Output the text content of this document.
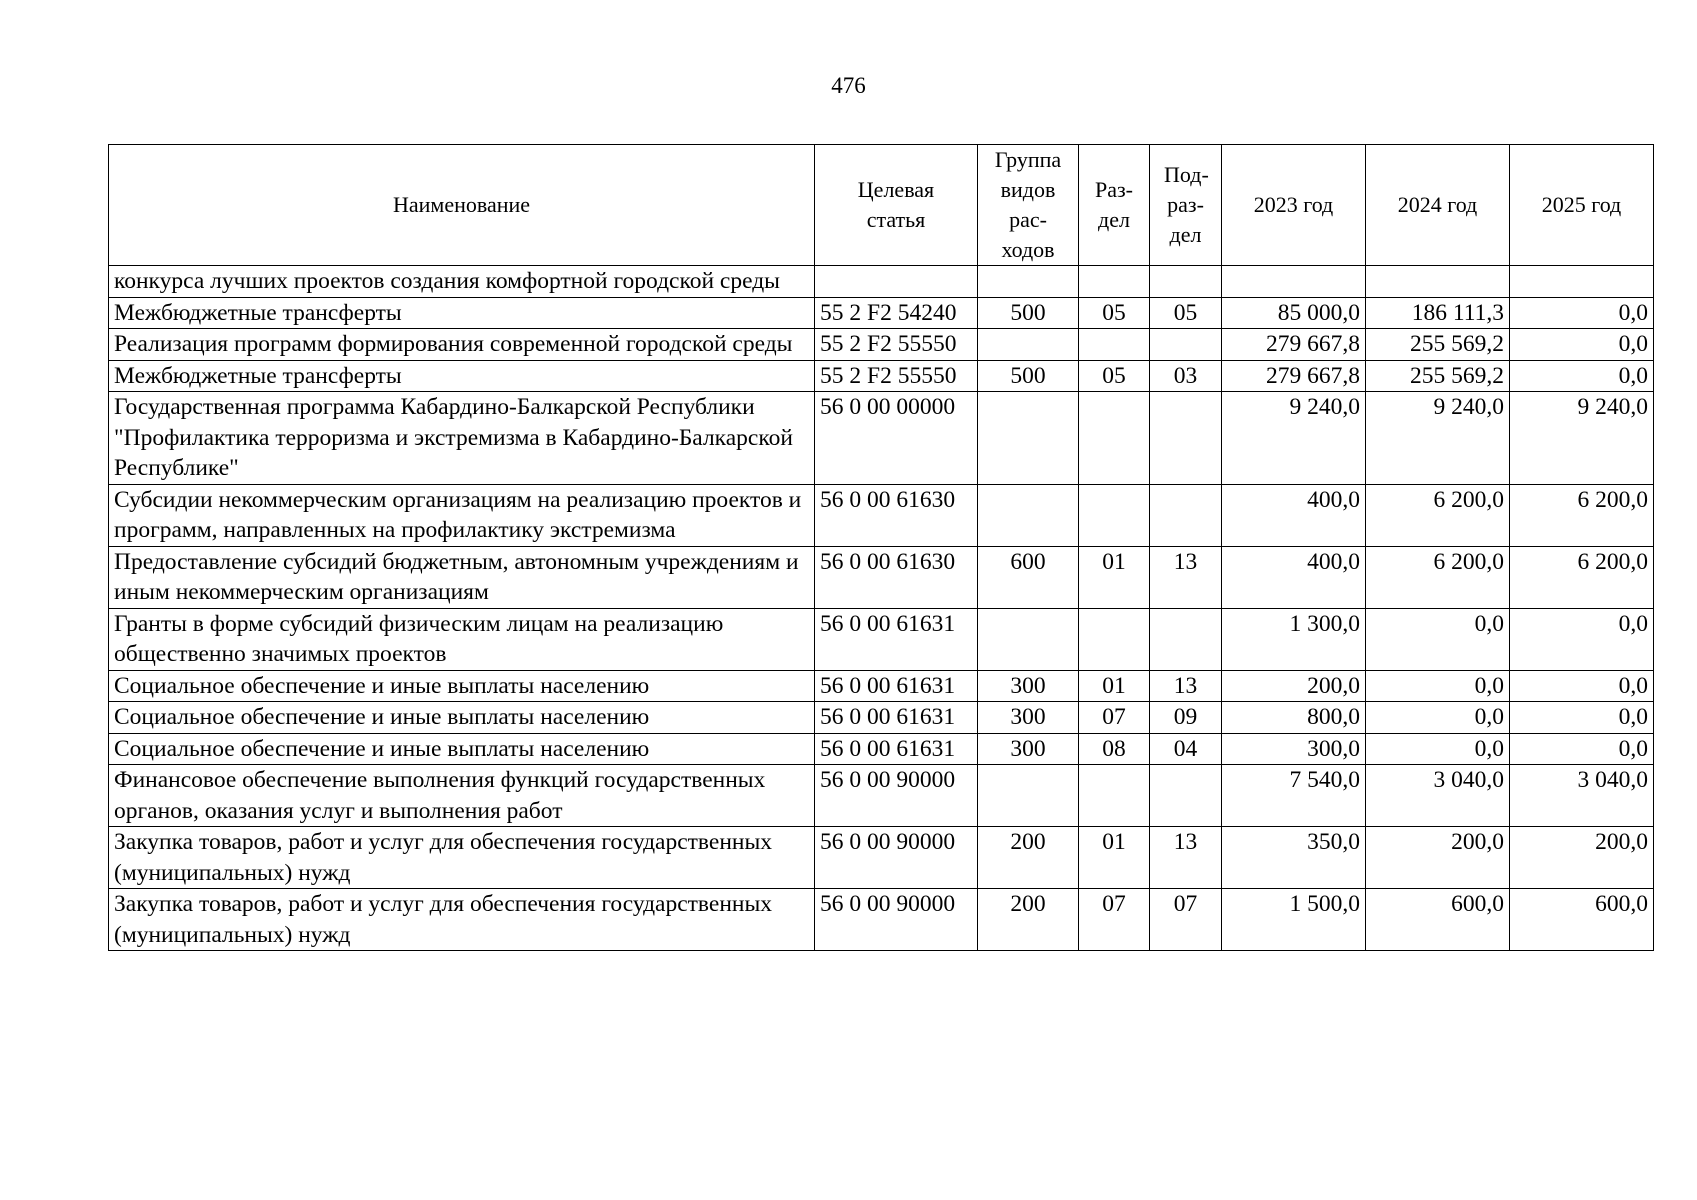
476
Наименование	Целевая статья	Группа видов рас- ходов	Раз- дел	Под- раз- дел	2023 год	2024 год	2025 год
конкурса лучших проектов создания комфортной городской среды							
Межбюджетные трансферты	55 2 F2 54240	500	05	05	85 000,0	186 111,3	0,0
Реализация программ формирования современной городской среды	55 2 F2 55550				279 667,8	255 569,2	0,0
Межбюджетные трансферты	55 2 F2 55550	500	05	03	279 667,8	255 569,2	0,0
Государственная программа Кабардино-Балкарской Республики "Профилактика терроризма и экстремизма в Кабардино-Балкарской Республике"	56 0 00 00000				9 240,0	9 240,0	9 240,0
Субсидии некоммерческим организациям на реализацию проектов и программ, направленных на профилактику экстремизма	56 0 00 61630				400,0	6 200,0	6 200,0
Предоставление субсидий бюджетным, автономным учреждениям и иным некоммерческим организациям	56 0 00 61630	600	01	13	400,0	6 200,0	6 200,0
Гранты в форме субсидий физическим лицам на реализацию общественно значимых проектов	56 0 00 61631				1 300,0	0,0	0,0
Социальное обеспечение и иные выплаты населению	56 0 00 61631	300	01	13	200,0	0,0	0,0
Социальное обеспечение и иные выплаты населению	56 0 00 61631	300	07	09	800,0	0,0	0,0
Социальное обеспечение и иные выплаты населению	56 0 00 61631	300	08	04	300,0	0,0	0,0
Финансовое обеспечение выполнения функций государственных органов, оказания услуг и выполнения работ	56 0 00 90000				7 540,0	3 040,0	3 040,0
Закупка товаров, работ и услуг для обеспечения государственных (муниципальных) нужд	56 0 00 90000	200	01	13	350,0	200,0	200,0
Закупка товаров, работ и услуг для обеспечения государственных (муниципальных) нужд	56 0 00 90000	200	07	07	1 500,0	600,0	600,0
